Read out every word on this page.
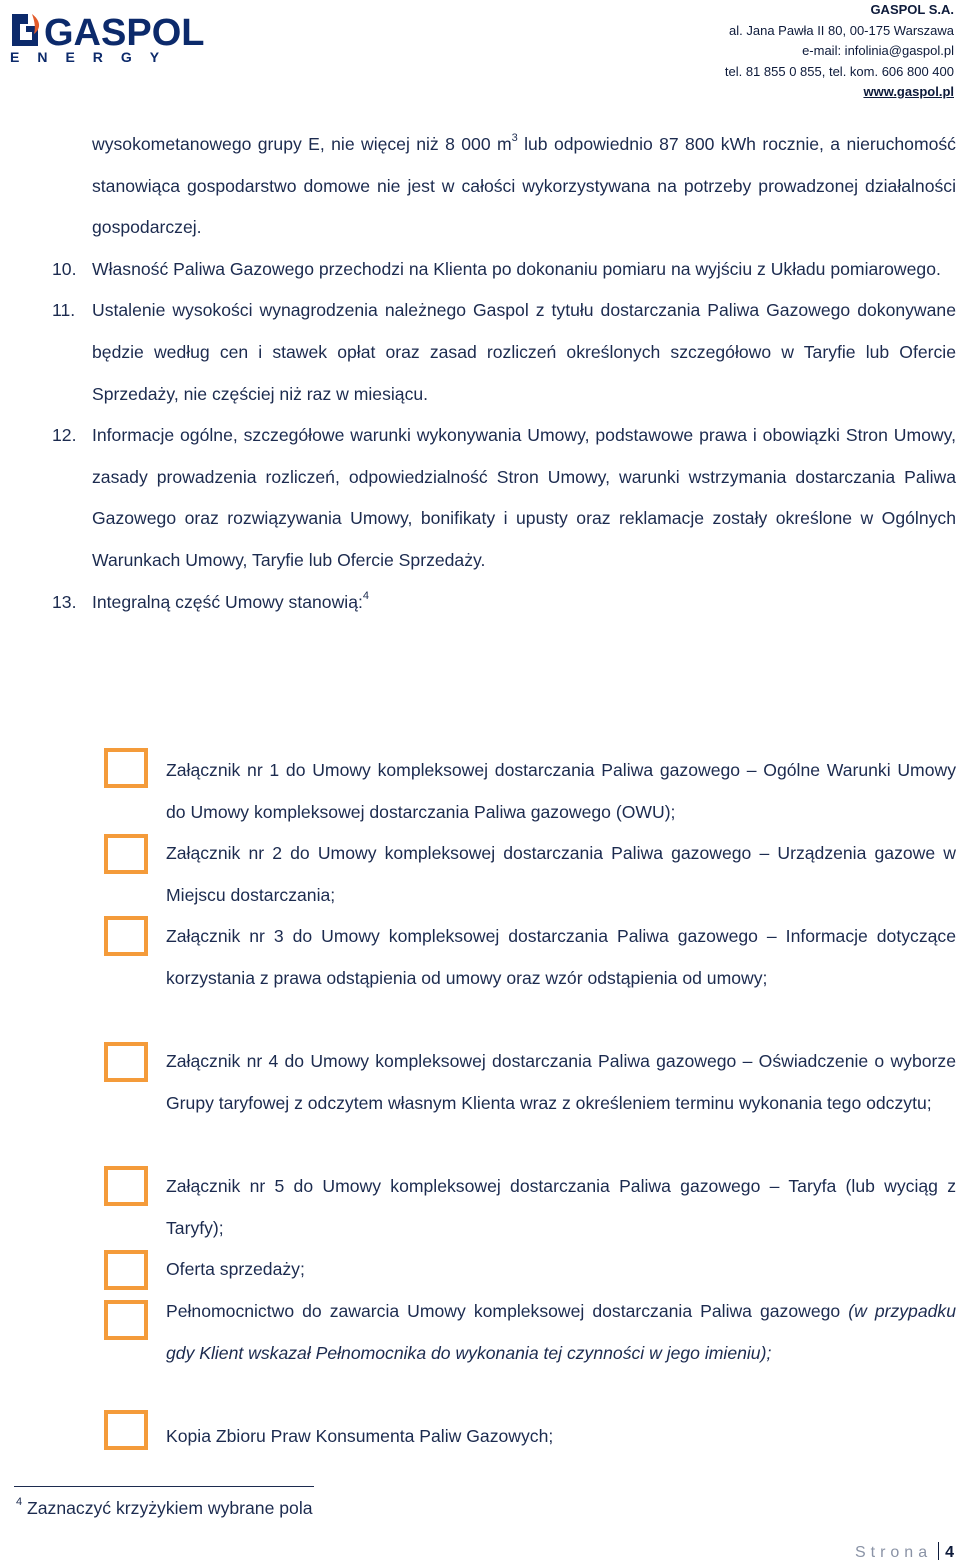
GASPOL
ENERGY
GASPOL S.A.
al. Jana Pawła II 80, 00-175 Warszawa
e-mail: infolinia@gaspol.pl
tel. 81 855 0 855, tel. kom. 606 800 400
www.gaspol.pl
wysokometanowego grupy E, nie więcej niż 8 000 $m^3$ lub odpowiednio 87 800 kWh rocznie, a nieruchomość stanowiąca gospodarstwo domowe nie jest w całości wykorzystywana na potrzeby prowadzonej działalności gospodarczej.
10. Własność Paliwa Gazowego przechodzi na Klienta po dokonaniu pomiaru na wyjściu z Układu pomiarowego.
11. Ustalenie wysokości wynagrodzenia należnego Gaspol z tytułu dostarczania Paliwa Gazowego dokonywane będzie według cen i stawek opłat oraz zasad rozliczeń określonych szczegółowo w Taryfie lub Ofercie Sprzedaży, nie częściej niż raz w miesiącu.
12. Informacje ogólne, szczegółowe warunki wykonywania Umowy, podstawowe prawa i obowiązki Stron Umowy, zasady prowadzenia rozliczeń, odpowiedzialność Stron Umowy, warunki wstrzymania dostarczania Paliwa Gazowego oraz rozwiązywania Umowy, bonifikaty i upusty oraz reklamacje zostały określone w Ogólnych Warunkach Umowy, Taryfie lub Ofercie Sprzedaży.
13. Integralną część Umowy stanowią:$^4$
Załącznik nr 1 do Umowy kompleksowej dostarczania Paliwa gazowego – Ogólne Warunki Umowy do Umowy kompleksowej dostarczania Paliwa gazowego (OWU);
Załącznik nr 2 do Umowy kompleksowej dostarczania Paliwa gazowego – Urządzenia gazowe w Miejscu dostarczania;
Załącznik nr 3 do Umowy kompleksowej dostarczania Paliwa gazowego – Informacje dotyczące korzystania z prawa odstąpienia od umowy oraz wzór odstąpienia od umowy;
Załącznik nr 4 do Umowy kompleksowej dostarczania Paliwa gazowego – Oświadczenie o wyborze Grupy taryfowej z odczytem własnym Klienta wraz z określeniem terminu wykonania tego odczytu;
Załącznik nr 5 do Umowy kompleksowej dostarczania Paliwa gazowego – Taryfa (lub wyciąg z Taryfy);
Oferta sprzedaży;
Pełnomocnictwo do zawarcia Umowy kompleksowej dostarczania Paliwa gazowego (w przypadku gdy Klient wskazał Pełnomocnika do wykonania tej czynności w jego imieniu);
Kopia Zbioru Praw Konsumenta Paliw Gazowych;
$^4$ Zaznaczyć krzyżykiem wybrane pola
Strona 4
